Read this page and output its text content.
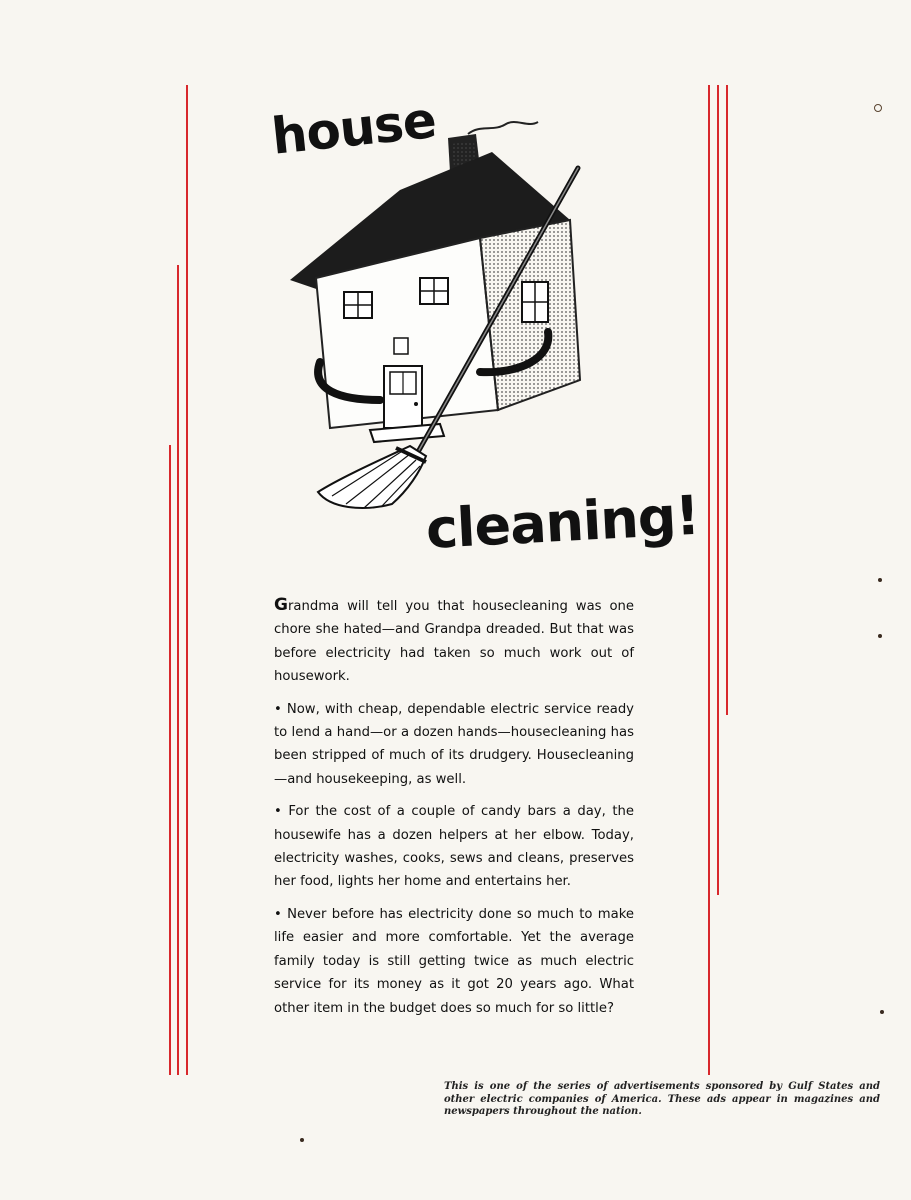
house
cleaning!

Grandma will tell you that housecleaning was one chore she hated—and Grandpa dreaded. But that was before electricity had taken so much work out of housework.

• Now, with cheap, dependable electric service ready to lend a hand—or a dozen hands—housecleaning has been stripped of much of its drudgery. Housecleaning—and housekeeping, as well.

• For the cost of a couple of candy bars a day, the housewife has a dozen helpers at her elbow. Today, electricity washes, cooks, sews and cleans, preserves her food, lights her home and entertains her.

• Never before has electricity done so much to make life easier and more comfortable. Yet the average family today is still getting twice as much electric service for its money as it got 20 years ago. What other item in the budget does so much for so little?

This is one of the series of advertisements sponsored by Gulf States and other electric companies of America. These ads appear in magazines and newspapers throughout the nation.
